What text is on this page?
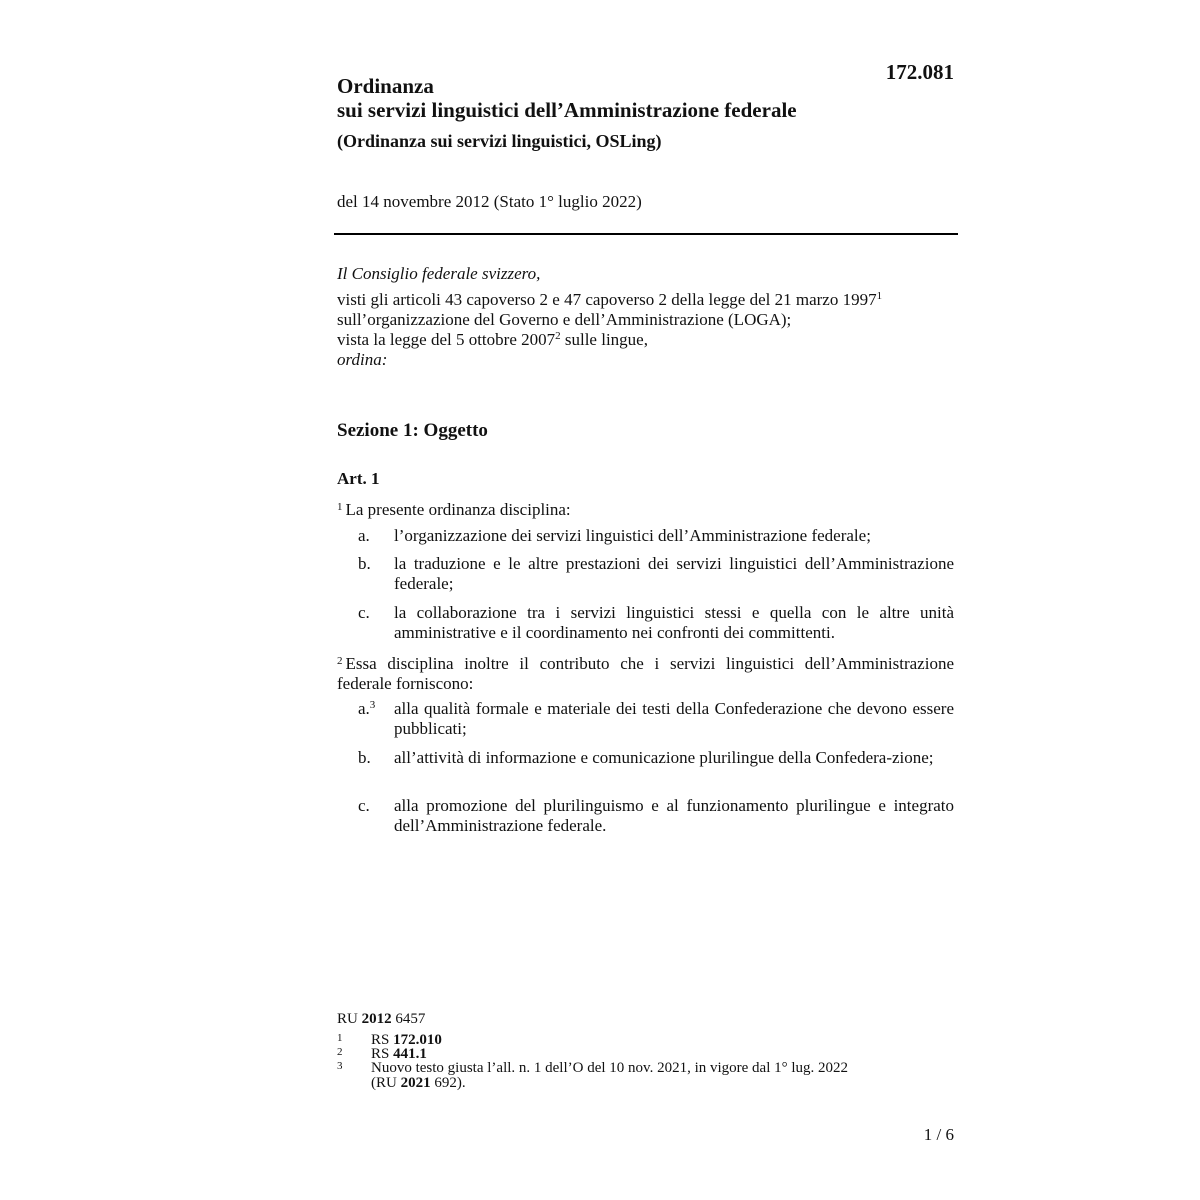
172.081
Ordinanza
sui servizi linguistici dell’Amministrazione federale
(Ordinanza sui servizi linguistici, OSLing)
del 14 novembre 2012 (Stato 1° luglio 2022)
Il Consiglio federale svizzero,
visti gli articoli 43 capoverso 2 e 47 capoverso 2 della legge del 21 marzo 1997$^1$
sull’organizzazione del Governo e dell’Amministrazione (LOGA);
vista la legge del 5 ottobre 2007$^2$ sulle lingue,
ordina:
Sezione 1: Oggetto
Art. 1
$^1$ La presente ordinanza disciplina:
a. l’organizzazione dei servizi linguistici dell’Amministrazione federale;
b. la traduzione e le altre prestazioni dei servizi linguistici dell’Amministrazione federale;
c. la collaborazione tra i servizi linguistici stessi e quella con le altre unità amministrative e il coordinamento nei confronti dei committenti.
$^2$ Essa disciplina inoltre il contributo che i servizi linguistici dell’Amministrazione federale forniscono:
a.$^3$ alla qualità formale e materiale dei testi della Confederazione che devono essere pubblicati;
b. all’attività di informazione e comunicazione plurilingue della Confedera-zione;
c. alla promozione del plurilinguismo e al funzionamento plurilingue e integrato dell’Amministrazione federale.
RU 2012 6457
1 RS 172.010
2 RS 441.1
3 Nuovo testo giusta l’all. n. 1 dell’O del 10 nov. 2021, in vigore dal 1° lug. 2022
(RU 2021 692).
1 / 6
